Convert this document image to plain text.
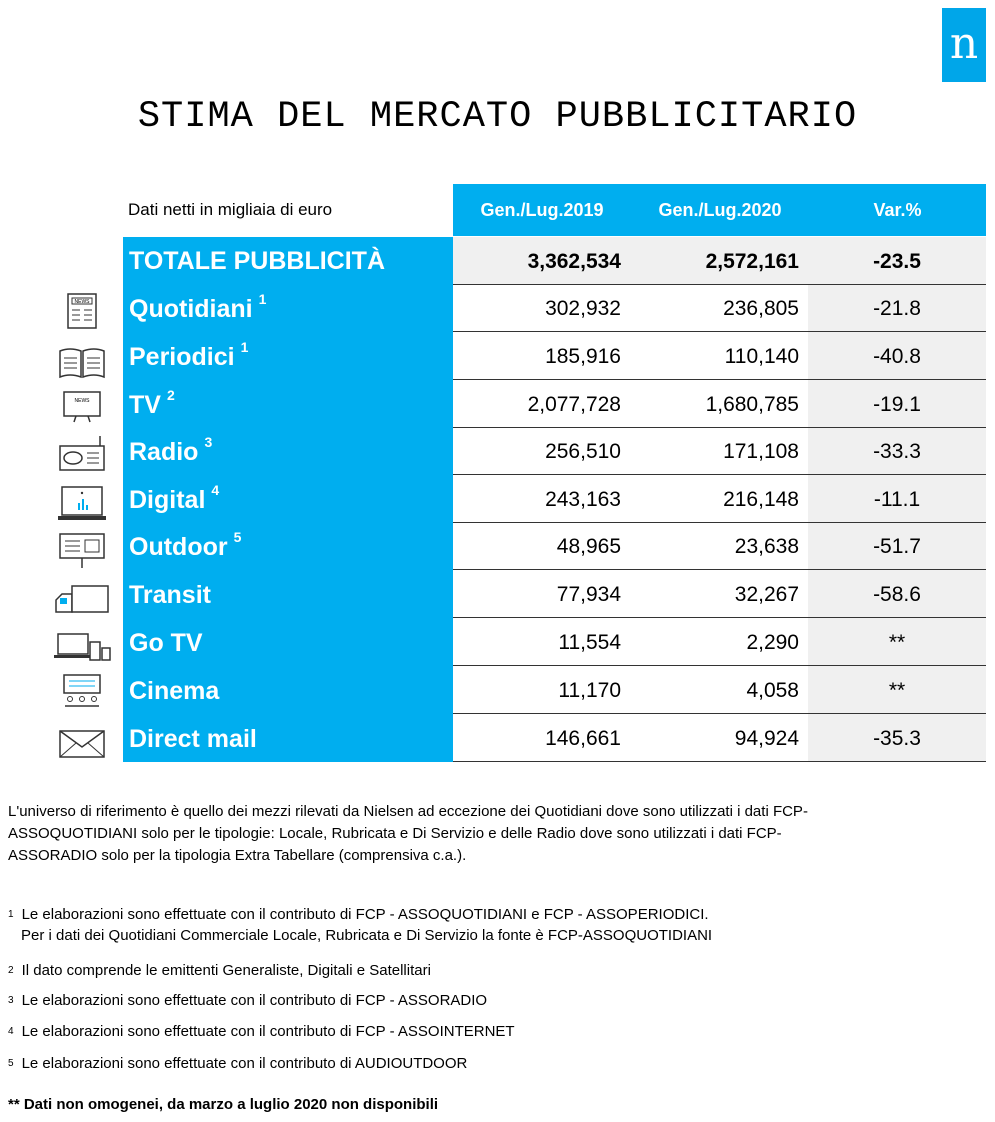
n
STIMA DEL MERCATO PUBBLICITARIO
Dati netti in migliaia di euro	Gen./Lug.2019	Gen./Lug.2020	Var.%
TOTALE PUBBLICITÀ	3,362,534	2,572,161	-23.5
Quotidiani $^1$	302,932	236,805	-21.8
Periodici $^1$	185,916	110,140	-40.8
TV $^2$	2,077,728	1,680,785	-19.1
Radio $^3$	256,510	171,108	-33.3
Digital $^4$	243,163	216,148	-11.1
Outdoor $^5$	48,965	23,638	-51.7
Transit	77,934	32,267	-58.6
Go TV	11,554	2,290	**
Cinema	11,170	4,058	**
Direct mail	146,661	94,924	-35.3
NEWS
NEWS
L'universo di riferimento è quello dei mezzi rilevati da Nielsen ad eccezione dei Quotidiani dove sono utilizzati i dati FCP-
ASSOQUOTIDIANI solo per le tipologie: Locale, Rubricata e Di Servizio e delle Radio dove sono utilizzati i dati FCP-
ASSORADIO solo per la tipologia Extra Tabellare (comprensiva c.a.).
$^1$ Le elaborazioni sono effettuate con il contributo di FCP - ASSOQUOTIDIANI e FCP - ASSOPERIODICI.
Per i dati dei Quotidiani Commerciale Locale, Rubricata e Di Servizio la fonte è FCP-ASSOQUOTIDIANI
$^2$ Il dato comprende le emittenti Generaliste, Digitali e Satellitari
$^3$ Le elaborazioni sono effettuate con il contributo di FCP - ASSORADIO
$^4$ Le elaborazioni sono effettuate con il contributo di FCP - ASSOINTERNET
$^5$ Le elaborazioni sono effettuate con il contributo di AUDIOUTDOOR
** Dati non omogenei, da marzo a luglio 2020 non disponibili
